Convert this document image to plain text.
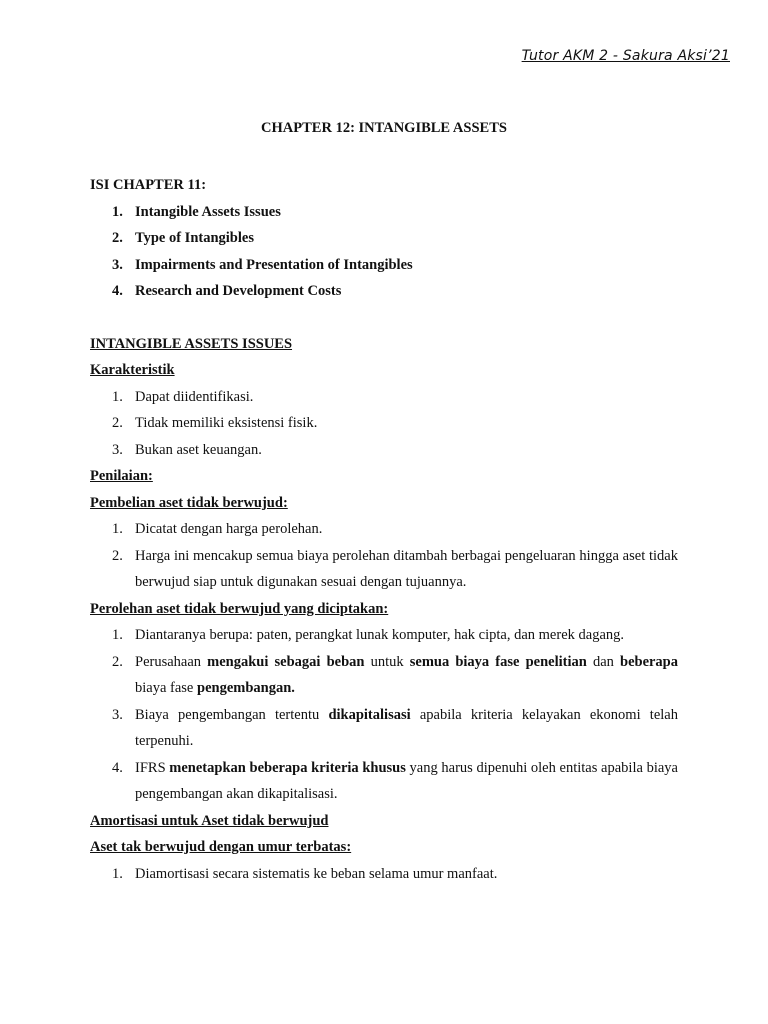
Tutor AKM 2 - Sakura Aksi’21
CHAPTER 12: INTANGIBLE ASSETS
ISI CHAPTER 11:
1. Intangible Assets Issues
2. Type of Intangibles
3. Impairments and Presentation of Intangibles
4. Research and Development Costs
INTANGIBLE ASSETS ISSUES
Karakteristik
1. Dapat diidentifikasi.
2. Tidak memiliki eksistensi fisik.
3. Bukan aset keuangan.
Penilaian:
Pembelian aset tidak berwujud:
1. Dicatat dengan harga perolehan.
2. Harga ini mencakup semua biaya perolehan ditambah berbagai pengeluaran hingga aset tidak berwujud siap untuk digunakan sesuai dengan tujuannya.
Perolehan aset tidak berwujud yang diciptakan:
1. Diantaranya berupa: paten, perangkat lunak komputer, hak cipta, dan merek dagang.
2. Perusahaan mengakui sebagai beban untuk semua biaya fase penelitian dan beberapa biaya fase pengembangan.
3. Biaya pengembangan tertentu dikapitalisasi apabila kriteria kelayakan ekonomi telah terpenuhi.
4. IFRS menetapkan beberapa kriteria khusus yang harus dipenuhi oleh entitas apabila biaya pengembangan akan dikapitalisasi.
Amortisasi untuk Aset tidak berwujud
Aset tak berwujud dengan umur terbatas:
1. Diamortisasi secara sistematis ke beban selama umur manfaat.
